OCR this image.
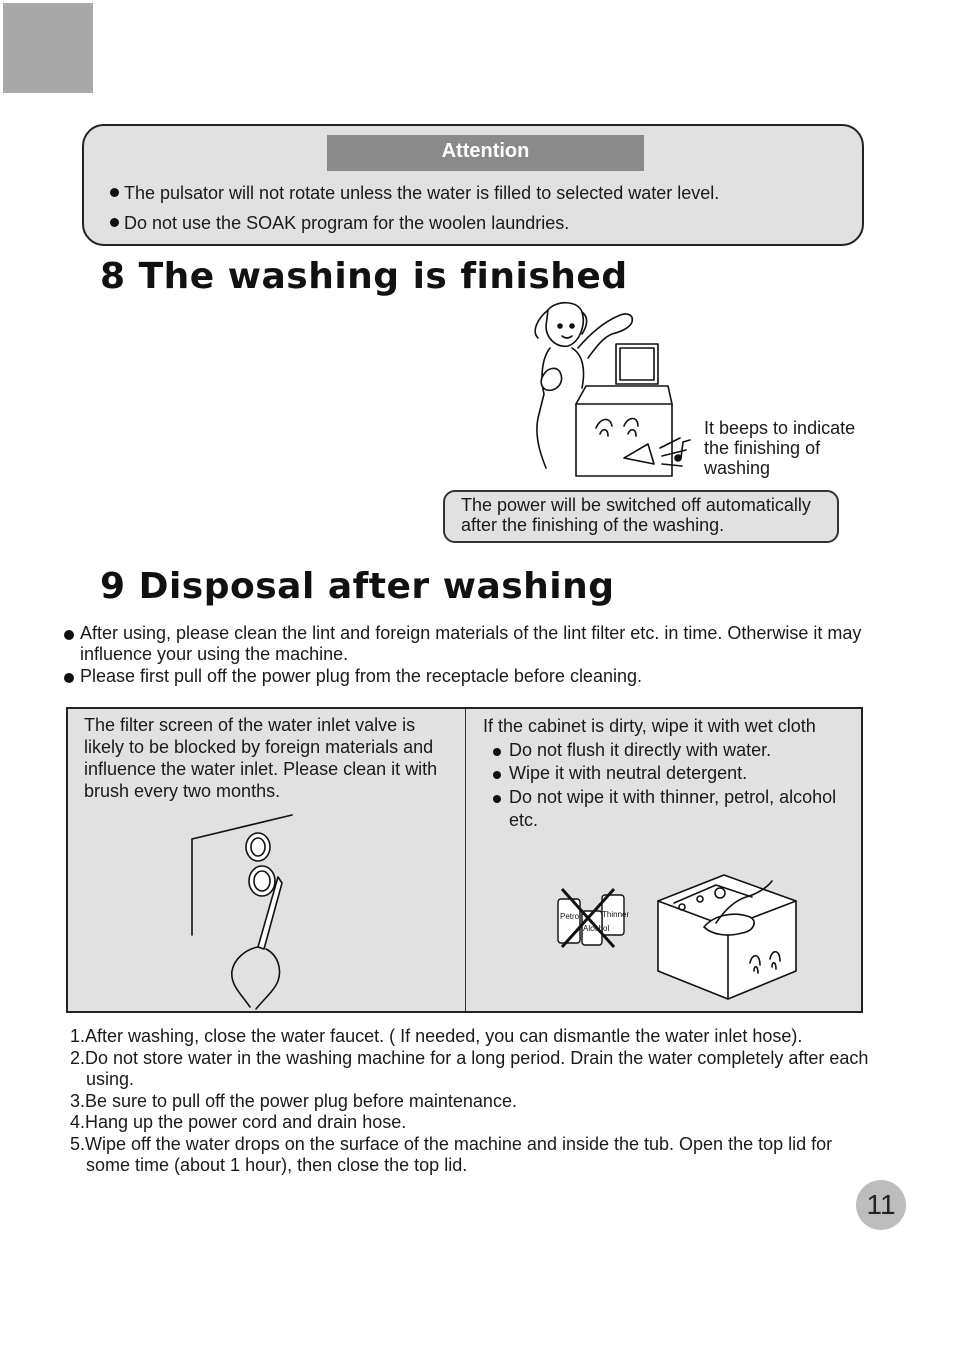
Attention
The pulsator will not rotate unless the water is filled to selected water level.
Do not use the SOAK program for the woolen laundries.
8 The washing is finished
It beeps to indicate the finishing of washing
The power will be switched off automatically after the finishing of the washing.
9 Disposal after washing
After using, please clean the lint and foreign materials of the lint filter etc. in time. Otherwise it may influence your using the machine.
Please first pull off the power plug from the receptacle before cleaning.
The filter screen of the water inlet valve is likely to be blocked by foreign materials and influence the water inlet. Please clean it with brush every two months.
If the cabinet is dirty, wipe it with wet cloth
Do not flush it directly with water.
Wipe it with neutral detergent.
Do not wipe it with thinner, petrol, alcohol etc.
Petro	Thinner
Alcohol
1.After washing, close the water faucet. ( If needed, you can dismantle the water inlet hose).
2.Do not store water in the washing machine for a long period. Drain the water completely after each using.
3.Be sure to pull off the power plug before maintenance.
4.Hang up the power cord and drain hose.
5.Wipe off the water drops on the surface of the machine and inside the tub. Open the top lid for some time (about 1 hour), then close the top lid.
11
